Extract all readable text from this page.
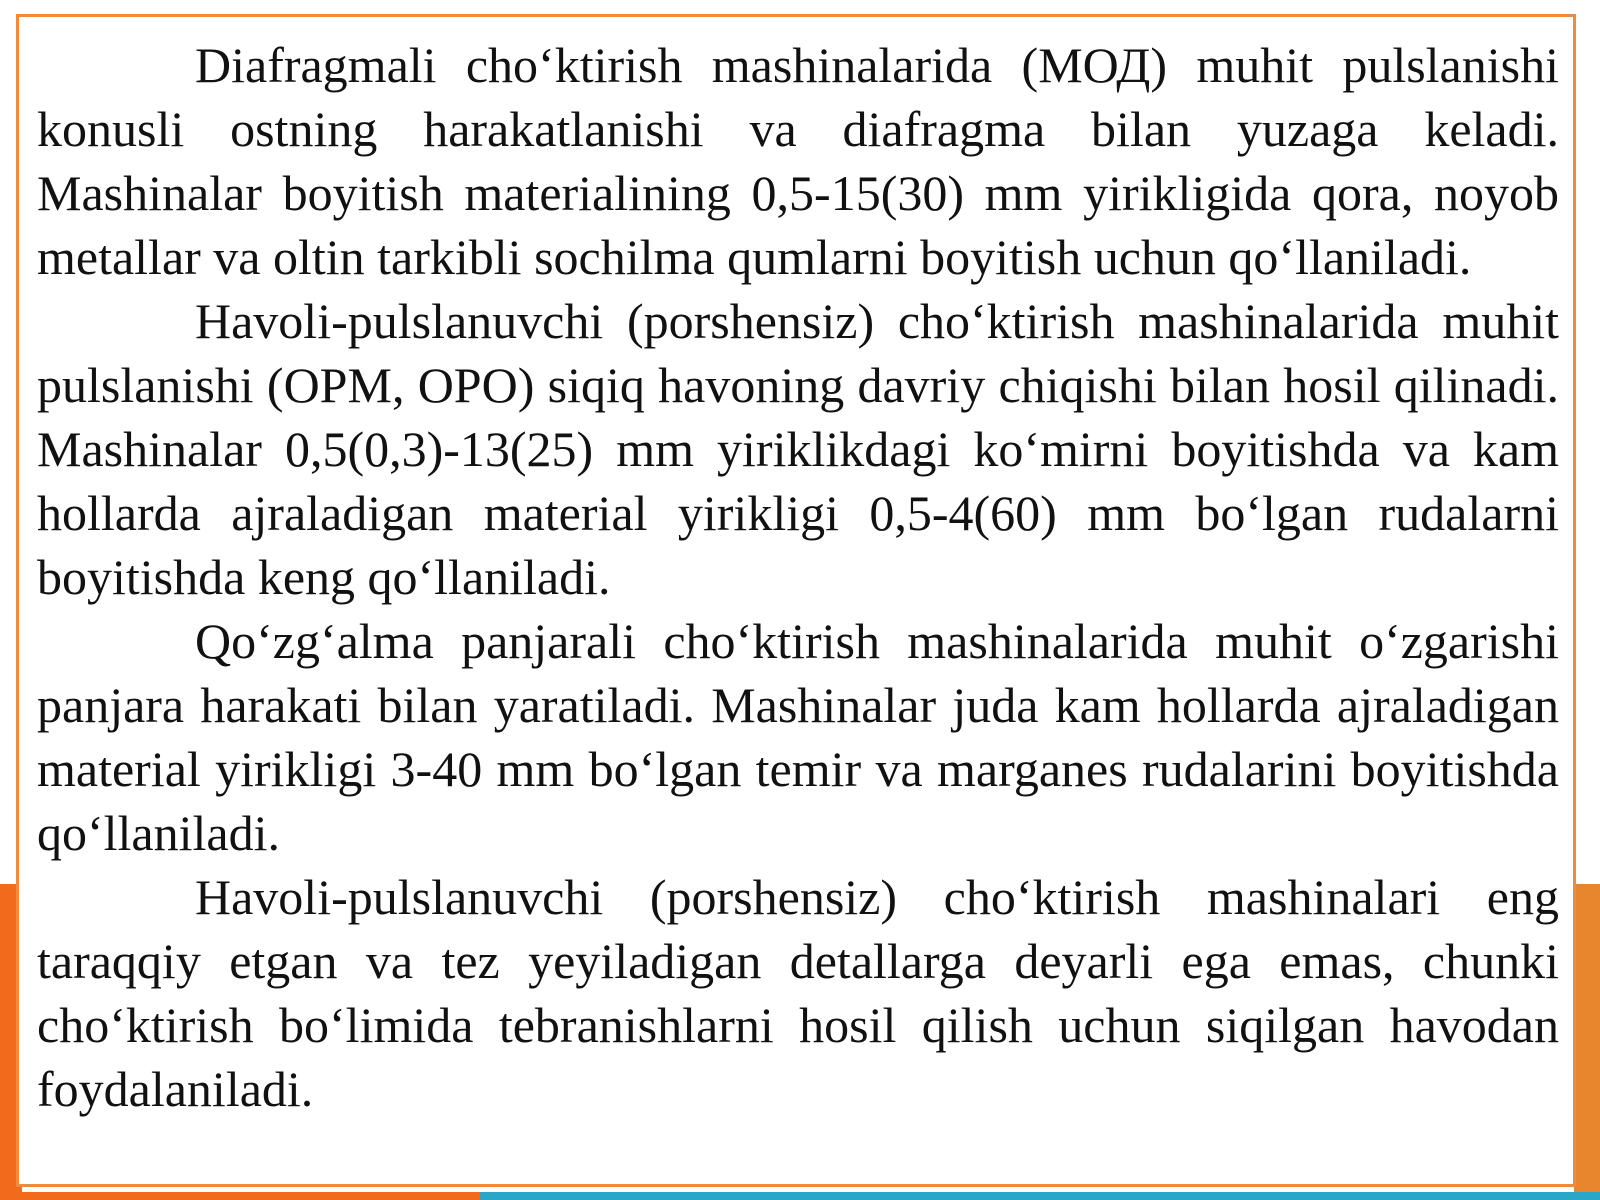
Diafragmali cho‘ktirish mashinalarida (МОД) muhit pulslanishi konusli ostning harakatlanishi va diafragma bilan yuzaga keladi. Mashinalar boyitish materialining 0,5-15(30) mm yirikligida qora, noyob metallar va oltin tarkibli sochilma qumlarni boyitish uchun qo‘llaniladi.

Havoli-pulslanuvchi (porshensiz) cho‘ktirish mashinalarida muhit pulslanishi (OPM, OPO) siqiq havoning davriy chiqishi bilan hosil qilinadi. Mashinalar 0,5(0,3)-13(25) mm yiriklikdagi ko‘mirni boyitishda va kam hollarda ajraladigan material yirikligi 0,5-4(60) mm bo‘lgan rudalarni boyitishda keng qo‘llaniladi.

Qo‘zg‘alma panjarali cho‘ktirish mashinalarida muhit o‘zgarishi panjara harakati bilan yaratiladi. Mashinalar juda kam hollarda ajraladigan material yirikligi 3-40 mm bo‘lgan temir va marganes rudalarini boyitishda qo‘llaniladi.

Havoli-pulslanuvchi (porshensiz) cho‘ktirish mashinalari eng taraqqiy etgan va tez yeyiladigan detallarga deyarli ega emas, chunki cho‘ktirish bo‘limida tebranishlarni hosil qilish uchun siqilgan havodan foydalaniladi.
